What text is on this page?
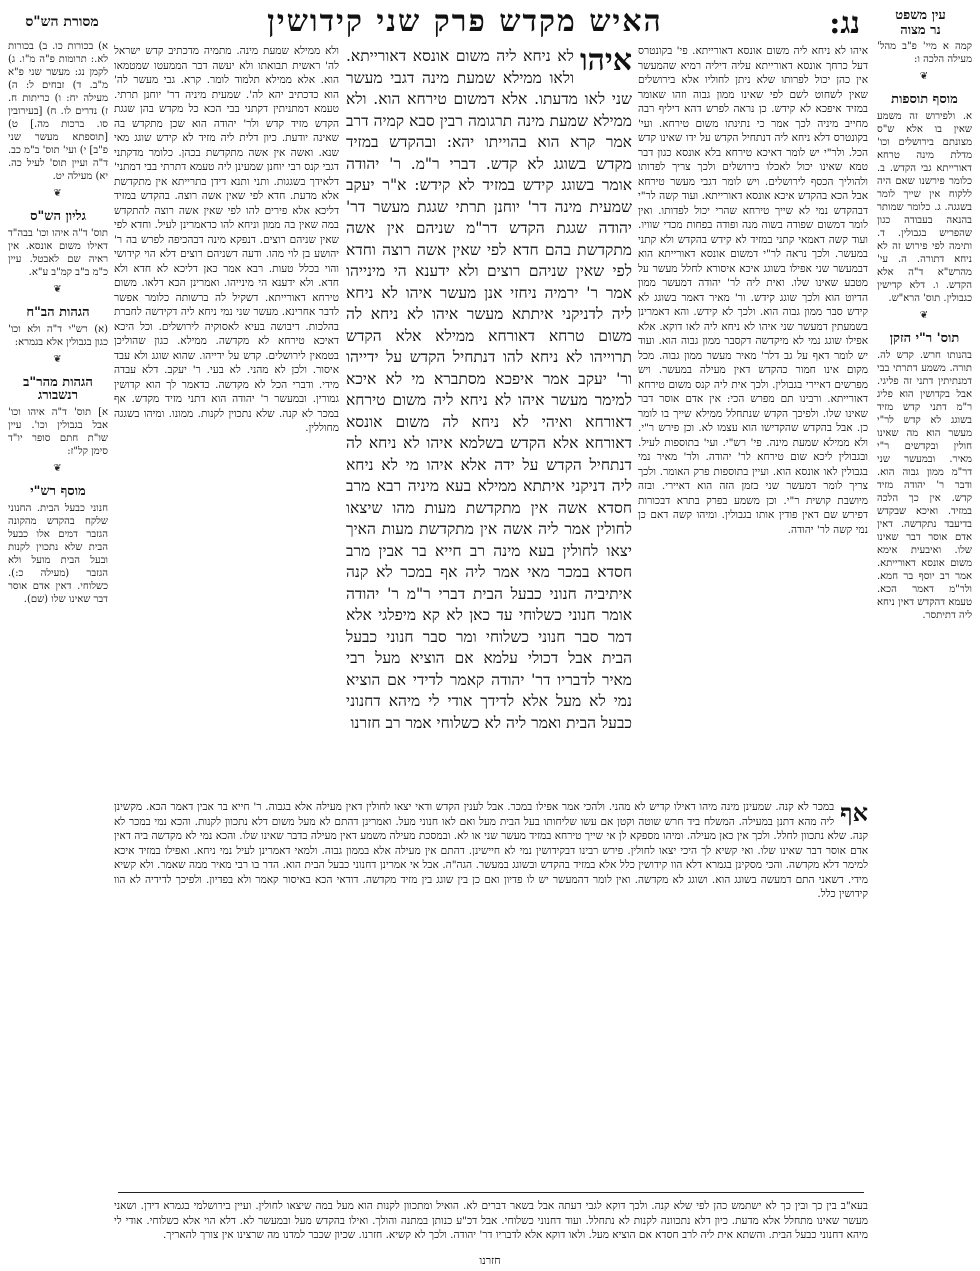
עין משפט
נר מצוה
נג:
האיש מקדש פרק שני קידושין
מסורת הש"ס

קמה א מיי' פ"ב מהל' מעילה הלכה ו:

❦
מוסף תוספות

א. ולפירוש זה משמע שאין בו אלא ש"ס מצונתם בירושלים וכו' מדלת מינה טרחא דאורייתא גבי הקדש. ב. כלומר פירשנו שאם היה ללקוח אין שייך לומר בשגגה. ג. כלומר שמותר בהנאה בעבודה כגון שהפריש בגבולין. ד. ותימה לפי פירוש זה לא ניחא דתורה. ה. עי' מהרש"א ד"ה אלא הקדש. ו. דלא קדישין כגבולין. תוס' הרא"ש.

❦
תוס' ר"י הזקן

בהנותו חרש. קדש לה. תורה. משמע דתרתי בבי דמנתיתין דתני זה פליגי. אבל בקדושין הוא פליג ר"מ דתני קדש מזיד בשוגג לא קדש לר"י מעשר הוא מה שאינו חולין ובקדשים ר"י מאיר. ובמעשר שני דר"מ ממון גבוה הוא. ודבר ר' יהודה מזיד קדש. אין כך הלכה במזיד. ואיכא שבקדש בדיעבד נתקדשה. דאין אדם אוסר דבר שאינו שלו. ואיבעית אימא משום אונסא דאורייתא. אמר רב יוסף בר חמא. ולר"מ דאמר הכא. טעמא דהקדש דאין ניחא ליה דתיתסר.

א) בכורות כו. ב) בכורות לא.: תרומות פ"ה מ"ו. ג) לקמן נג: מעשר שני פ"א מ"ב. ד) זבחים ל: ה) מעילה יח: ו) כריתות ח. ז) נדרים לו. ח) [בעירובין סו. ברכות מה.] ט) [תוספתא מעשר שני פ"ב] י) ועי' תוס' ב"מ כב. ד"ה ועיין תוס' לעיל כה. יא) מעילה יט.

❦
גליון הש"ס

תוס' ד"ה איהו וכו' בבה"ד דאילו משום אונסא. אין ראיה שם לאבטל. עיין כ"מ ב"ב קמ"ב ע"א.

❦
הגהות הב"ח

(א) רש"י ד"ה ולא וכו' כגון בגבולין אלא בגמרא:

❦
הגהות מהר"ב רנשבורג

א] תוס' ד"ה איהו וכו' אבל בגבולין וכו'. עיין שו"ת חתם סופר יו"ד סימן קל"ז:

❦
מוסף רש"י

חנוני כבעל הבית. החנוני שלקח בהקדש מהקונה הגזבר דמים אלו כבעל הבית שלא נתכוין לקנות ובעל הבית מועל ולא הגזבר (מעילה כ:). כשלוחי. דאין אדם אוסר דבר שאינו שלו (שם).

איהו לא ניחא ליה משום אונסא דאורייתא. פי' בקונטרס דעל כרחך אונסא דאורייתא עליה דיליה רמיא שהמעשר אין כהן יכול לפרותו שלא ניתן לחוליו אלא בירושלים שאין לשחוט לשם לפי שאינו ממון גבוה וזהו שאומר במזיד איפכא לא קידש. כן נראה לפרש דהא דיליף רבה מחייב מיניה לכך אמר כי נתינתו משום טירחא. ועי' בקונטרס דלא ניחא ליה דנתחיל הקדש על ידו שאינו קדש הכל. ולר"י יש לומר דאיכא טירחא בלא אונסא כגון דבר טמא שאינו יכול לאכלו בירושלים ולכך צריך לפדותו ולהוליך הכסף לירושלים. ויש לומר דגבי מעשר טירחא אבל הכא בהקדש איכא אונסא דאורייתא. ועוד קשה לר"י דבהקדש נמי לא שייך טירחא שהרי יכול לפדותו. ואין לומר דמשום שפודה בשוה מנה ופודה בפחות מכדי שוויו. ועוד קשה דאמאי קתני במזיד לא קידש בהקדש ולא קתני במעשר. ולכך נראה לר"י דמשום אונסא דאורייתא הוא דבמעשר שני אפילו בשוגג איכא איסורא לחלל מעשר על מטבע שאינו שלו. ואית ליה לר' יהודה דמעשר ממון הדיוט הוא ולכך שוגג קידש. ור' מאיר דאמר בשוגג לא קידש סבר ממון גבוה הוא. ולכך לא קידש. והא דאמרינן בשמעתין דמעשר שני איהו לא ניחא ליה לאו דוקא. אלא אפילו שוגג נמי לא מיקדשה דקסבר ממון גבוה הוא. ועוד יש לומר דאף על גב דלר' מאיר מעשר ממון גבוה. מכל מקום אינו חמור כהקדש דאין מעילה במעשר. ויש מפרשים דאיירי בגבולין. ולכך אית ליה קנס משום טירחא דאורייתא. ורבינו תם מפרש הכי: אין אדם אוסר דבר שאינו שלו. ולפיכך הקדש שנתחלל ממילא שייך בו לומר כן. אבל בהקדש שהקדישו הוא עצמו לא. וכן פירש ר"י. ולא ממילא שמעת מינה. פי' רש"י. ועי' בתוספות לעיל. ובגבולין ליכא שום טירחא לר' יהודה. ולר' מאיר נמי בגבולין לאו אונסא הוא. ועיין בתוספות פרק האומר. ולכך צריך לומר דמעשר שני בזמן הזה הוא דאיירי. ובזה מיושבת קושית ר"י. וכן משמע בפרק בתרא דבכורות דפירש שם דאין פודין אותו בגבולין. ומיהו קשה דאם כן נמי קשה לר' יהודה.

ולא ממילא שמעת מינה. מתמיה מדכתיב קדש ישראל לה' ראשית תבואתו ולא יעשה דבר הממעטו שמטמאו הוא. אלא ממילא תלמוד לומר. קרא. גבי מעשר לה' הוא כדכתיב יהא לה'. שמעית מיניה דר' יוחנן תרתי. טעמא דמתניתין דקתני בבי הכא כל מקדש בהן שגגת הקדש מזיד קדש ולר' יהודה הוא שכן מתקדש בה שאינה יודעת. כיון דלית ליה מזיד לא קידש שוגג מאי שנא. ואשה אין אשה מתקדשת בכהן. כלומר מדקתני דגבי קנס רבי יוחנן שמעינן ליה טעמא דתרתי בבי דמתני' דלאידך בשגגות. ותני ותנא דידן בתרייתא אין מתקדשת אלא מדעת. חדא לפי שאין אשה רוצה. בהקדש במזיד דליכא אלא פירים להו לפי שאין אשה רוצה להתקדש במה שאין בה ממון וניחא להו כדאמרינן לעיל. וחדא לפי שאין שניהם רוצים. דנפקא מינה דבהכיפה לפרש בה ר' יהושע בן לוי מהו. ודעה דשניהם רוצים דלא הוי קידושי והוי בכלל טעות. רבא אמר כאן דליכא לא חדא ולא חדא. ולא ידענא הי מינייהו. ואמרינן הכא דלאו. משום טירחא דאורייתא. דשקיל לה ברשותה כלומר אפשר לדבר אחרינא. מעשר שני נמי ניחא ליה דקידשה לחברת בהלכות. דיבושה בעיא לאסוקיה לירושלים. וכל היכא דאיכא טירחא לא מקדשה. ממילא. כגון שהוליכן בטמאין לירושלים. קדש על ידייהו. שהוא שוגג ולא עבד איסור. ולכן לא מהני. לא בעי. ר' יעקב. דלא עבדה מידי. ודברי הכל לא מקדשה. כדאמר לך הוא קדושין גמורין. ובמעשר ר' יהודה הוא דתני מזיד מקדש. אף במכר לא קנה. שלא נתכוין לקנות. ממונו. ומיהו בשגגה מחוללין.

איהו
לא ניחא ליה משום אונסא דאורייתא. ולאו ממילא שמעת מינה דגבי מעשר שני לאו מדעתו. אלא דמשום טירחא הוא. ולא ממילא שמעת מינה תרגומה רבין סבא קמיה דרב אמר קרא הוא בהוייתו יהא: ובהקדש במזיד מקדש בשוגג לא קדש. דברי ר"מ. ר' יהודה אומר בשוגג קידש במזיד לא קידש: א"ר יעקב שמעית מינה דר' יוחנן תרתי שגגת מעשר דר' יהודה שגגת הקדש דר"מ שניהם אין אשה מתקדשת בהם חדא לפי שאין אשה רוצה וחדא לפי שאין שניהם רוצים ולא ידענא הי מינייהו אמר ר' ירמיה ניחזי אנן מעשר איהו לא ניחא ליה לדניקני איתתא מעשר איהו לא ניחא לה משום טרחא דאורחא ממילא אלא הקדש תרוייהו לא ניחא להו דנתחיל הקדש על ידייהו ור' יעקב אמר איפכא מסתברא מי לא איכא למימר מעשר איהו לא ניחא ליה משום טירחא דאורחא ואיהי לא ניחא לה משום אונסא דאורחא אלא הקדש בשלמא איהו לא ניחא לה דנתחיל הקדש על ידה אלא איהו מי לא ניחא ליה דניקני איתתא ממילא בעא מיניה רבא מרב חסדא אשה אין מתקדשת מעות מהו שיצאו לחולין אמר ליה אשה אין מתקדשת מעות האיך יצאו לחולין בעא מינה רב חייא בר אבין מרב חסדא במכר מאי אמר ליה אף במכר לא קנה איתיביה חנוני כבעל הבית דברי ר"מ ר' יהודה אומר חנוני כשלוחי עד כאן לא קא מיפלגי אלא דמר סבר חנוני כשלוחי ומר סבר חנוני כבעל הבית אבל דכולי עלמא אם הוציא מעל רבי מאיר לדבריו דר' יהודה קאמר לדידי אם הוציא נמי לא מעל אלא לדידך אודי לי מיהא דחנוני כבעל הבית ואמר ליה לא כשלוחי אמר רב חזרנו

אף
במכר לא קנה. שמעינן מינה מיהו דאילו קדיש לא מהני. ולהכי אמר אפילו במכר. אבל לענין הקדש ודאי יצאו לחולין דאין מעילה אלא בגבוה. ר' חייא בר אבין דאמר הכא. מקשינן ליה מהא דתנן במעילה. המשלח ביד חרש שוטה וקטן אם עשו שליחותו בעל הבית מעל ואם לאו חנוני מעל. ואמרינן דהתם לא מעל משום דלא נתכוון לקנות. והכא נמי במכר לא קנה. שלא נתכוון לחלל. ולכך אין כאן מעילה. ומיהו מספקא לן אי שייך טירחא במזיד מעשר שני או לא. ובמסכת מעילה משמע דאין מעילה בדבר שאינו שלו. והכא נמי לא מקדשה ביה דאין אדם אוסר דבר שאינו שלו. ואי קשיא לך היכי יצאו לחולין. פירש רבינו דבקידושין נמי לא חיישינן. דהתם אין מעילה אלא בממון גבוה. ולמאי דאמרינן לעיל נמי ניחא. ואפילו במזיד איכא למימר דלא מקדשה. והכי מסקינן בגמרא דלא הוו קידושין כלל אלא במזיד בהקדש ובשוגג במעשר. הגה"ה. אבל אי אמרינן דחנוני כבעל הבית הוא. הדר בו רבי מאיר ממה שאמר. ולא קשיא מידי. דשאני התם דמעשה בשוגג הוא. ושוגג לא מקדשה. ואין לומר דהמעשר יש לו פדיון ואם כן בין שוגג בין מזיד מקדשה. דודאי הכא באיסור קאמר ולא בפדיון. ולפיכך לדידיה לא הוו קידושין כלל.

בעא"ב בין כך ובין כך לא ישתמש כהן לפי שלא קנה. ולכך דוקא לגבי דעתה אבל בשאר דברים לא. הואיל ומתכוון לקנות הוא מעל במה שיצאו לחולין. ועיין בירושלמי בגמרא דידן. ושאני מעשר שאינו מתחלל אלא מדעת. כיון דלא נתכוונה לקנות לא נתחלל. ועוד דחנוני כשלוחי. אבל דכ"ע כנותן במתנה והולך. ואילו בהקדש מעל ובמעשר לא. דלא הוי אלא כשלוחי. אודי לי מיהא דחנוני כבעל הבית. והשתא אית ליה לרב חסדא אם הוציא מעל. ולאו דוקא אלא לדבריו דר' יהודה. ולכך לא קשיא. חזרנו. שכיון שכבר למדנו מה שרצינו אין צורך להאריך.

חזרנו
